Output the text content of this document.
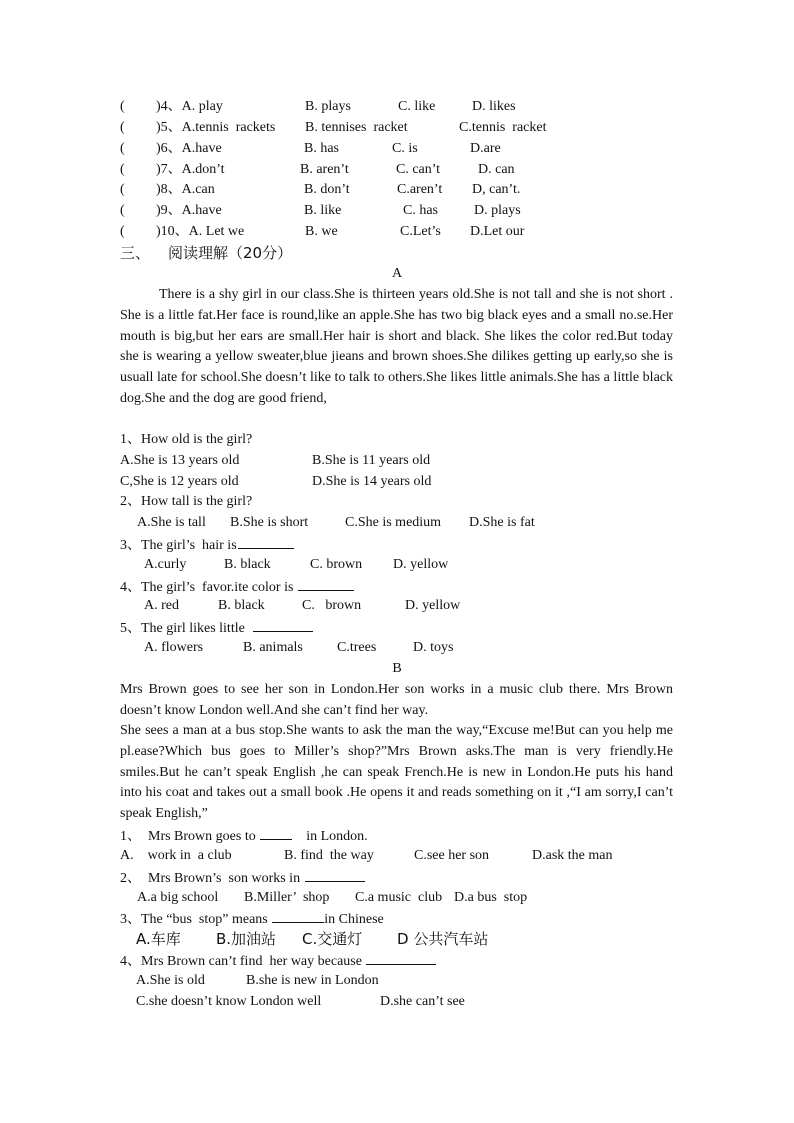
( )4、A. play	B. plays	C. like	D. likes
( )5、A.tennis  rackets B. tennises  racket	C.tennis  racket
( )6、A.have	B. has	C. is	D.are
( )7、A.don’t	B. aren’t	C. can’t	D. can
( )8、A.can	B. don’t	C.aren’t D, can’t.
( )9、A.have	B. like	C. has	D. plays
( )10、A. Let we	B. we	C.Let’s D.Let our
三、 阅读理解（20分）
A

There is a shy girl in our class.She is thirteen years old.She is not tall and she is not short . She is a little fat.Her face is round,like an apple.She has two big black eyes and a small no.se.Her mouth is big,but her ears are small.Her hair is short and black. She likes the color red.But today she is wearing a yellow sweater,blue jieans and brown shoes.She dilikes getting up early,so she is usuall late for school.She doesn’t like to talk to others.She likes little animals.She has a little black dog.She and the dog are good friend,

1、How old is the girl?
A.She is 13 years old	B.She is 11 years old
C,She is 12 years old	D.She is 14 years old
2、How tall is the girl?
A.She is tall B.She is short	C.She is medium D.She is fat
3、The girl’s  hair is
A.curly	B. black	C. brown D. yellow
4、The girl’s  favor.ite color is
A. red	B. black	C.   brown	D. yellow
5、The girl likes little
A. flowers	B. animals C.trees	D. toys
B

Mrs Brown goes to see her son in London.Her son works in a music club there. Mrs Brown doesn’t know London well.And she can’t find her way.

She sees a man at a bus stop.She wants to ask the man the way,“Excuse me!But can you help me pl.ease?Which bus goes to Miller’s shop?”Mrs Brown asks.The man is very friendly.He smiles.But he can’t speak English ,he can speak French.He is new in London.He puts his hand into his coat and takes out a small book .He opens it and reads something on it ,“I am sorry,I can’t speak English,”

1、  Mrs Brown goes to	in London.
A.    work in  a club	B. find  the way	C.see her son	D.ask the man
2、  Mrs Brown’s  son works in
A.a big school B.Miller’  shop C.a music  club D.a bus  stop
3、The “bus  stop” means	in Chinese
A.车库 B.加油站 C.交通灯 D 公共汽车站
4、Mrs Brown can’t find  her way because
A.She is old	B.she is new in London
C.she doesn’t know London well	D.she can’t see
